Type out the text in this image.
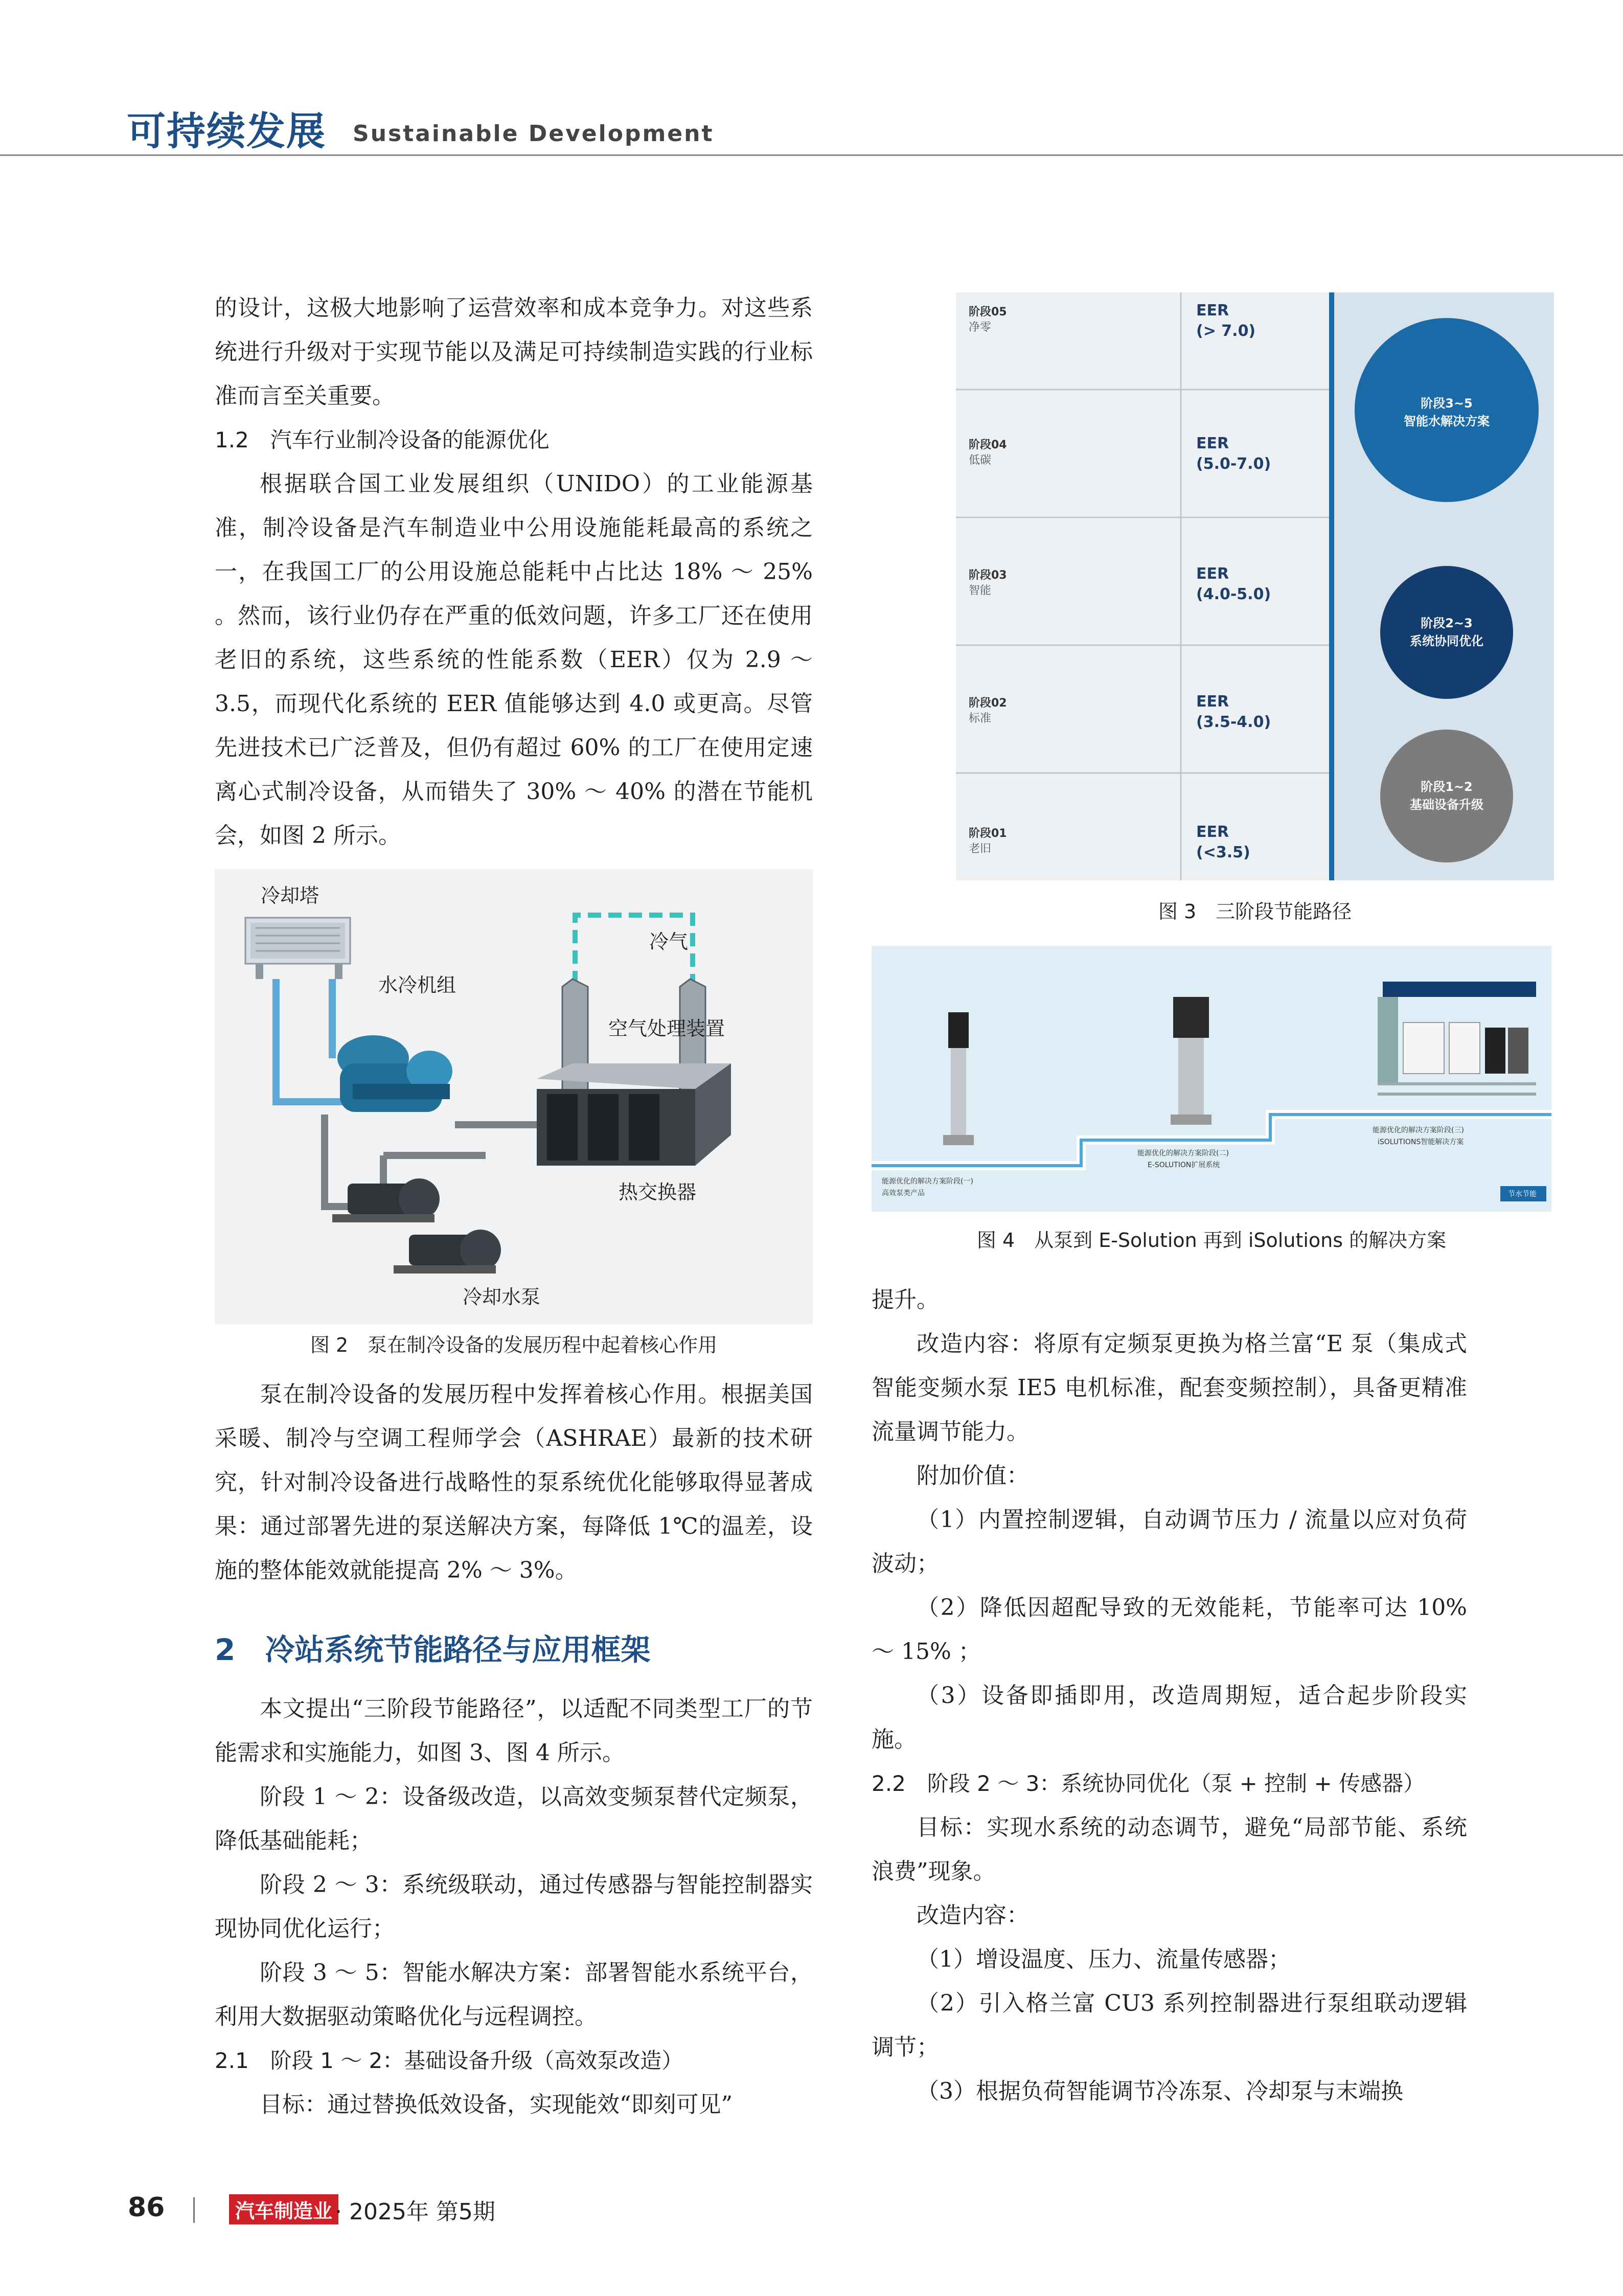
可持续发展 Sustainable Development

的设计，这极大地影响了运营效率和成本竞争力。对这些系统进行升级对于实现节能以及满足可持续制造实践的行业标准而言至关重要。

1.2　汽车行业制冷设备的能源优化

根据联合国工业发展组织（UNIDO）的工业能源基准，制冷设备是汽车制造业中公用设施能耗最高的系统之一，在我国工厂的公用设施总能耗中占比达 18% ～ 25% 。然而，该行业仍存在严重的低效问题，许多工厂还在使用老旧的系统，这些系统的性能系数（EER）仅为 2.9 ～ 3.5，而现代化系统的 EER 值能够达到 4.0 或更高。尽管先进技术已广泛普及，但仍有超过 60% 的工厂在使用定速离心式制冷设备，从而错失了 30% ～ 40% 的潜在节能机会，如图 2 所示。

冷却塔
水冷机组
冷气
空气处理装置
热交换器
冷却水泵
图 2　泵在制冷设备的发展历程中起着核心作用

泵在制冷设备的发展历程中发挥着核心作用。根据美国采暖、制冷与空调工程师学会（ASHRAE）最新的技术研究，针对制冷设备进行战略性的泵系统优化能够取得显著成果：通过部署先进的泵送解决方案，每降低 1℃的温差，设施的整体能效就能提高 2% ～ 3%。

2　冷站系统节能路径与应用框架

本文提出“三阶段节能路径”，以适配不同类型工厂的节能需求和实施能力，如图 3、图 4 所示。

阶段 1 ～ 2：设备级改造，以高效变频泵替代定频泵，降低基础能耗；

阶段 2 ～ 3：系统级联动，通过传感器与智能控制器实现协同优化运行；

阶段 3 ～ 5：智能水解决方案：部署智能水系统平台，利用大数据驱动策略优化与远程调控。

2.1　阶段 1 ～ 2：基础设备升级（高效泵改造）

目标：通过替换低效设备，实现能效“即刻可见”

阶段05
净零
EER
(> 7.0)
阶段04
低碳
EER
(5.0-7.0)
阶段03
智能
EER
(4.0-5.0)
阶段02
标准
EER
(3.5-4.0)
阶段01
老旧
EER
(<3.5)
阶段3~5
智能水解决方案
阶段2~3
系统协同优化
阶段1~2
基础设备升级
图 3　三阶段节能路径
能源优化的解决方案阶段(一)
高效泵类产品
能源优化的解决方案阶段(二)
E-SOLUTION扩展系统
能源优化的解决方案阶段(三)
iSOLUTIONS智能解决方案
节水节能
图 4　从泵到 E-Solution 再到 iSolutions 的解决方案

提升。

改造内容：将原有定频泵更换为格兰富“E 泵（集成式智能变频水泵 IE5 电机标准，配套变频控制），具备更精准流量调节能力。

附加价值：

（1）内置控制逻辑，自动调节压力 / 流量以应对负荷波动；

（2）降低因超配导致的无效能耗，节能率可达 10% ～ 15% ；

（3）设备即插即用，改造周期短，适合起步阶段实施。

2.2　阶段 2 ～ 3：系统协同优化（泵 + 控制 + 传感器）

目标：实现水系统的动态调节，避免“局部节能、系统浪费”现象。

改造内容：

（1）增设温度、压力、流量传感器；

（2）引入格兰富 CU3 系列控制器进行泵组联动逻辑调节；

（3）根据负荷智能调节冷冻泵、冷却泵与末端换

86	汽车制造业 · 2025年 第5期
